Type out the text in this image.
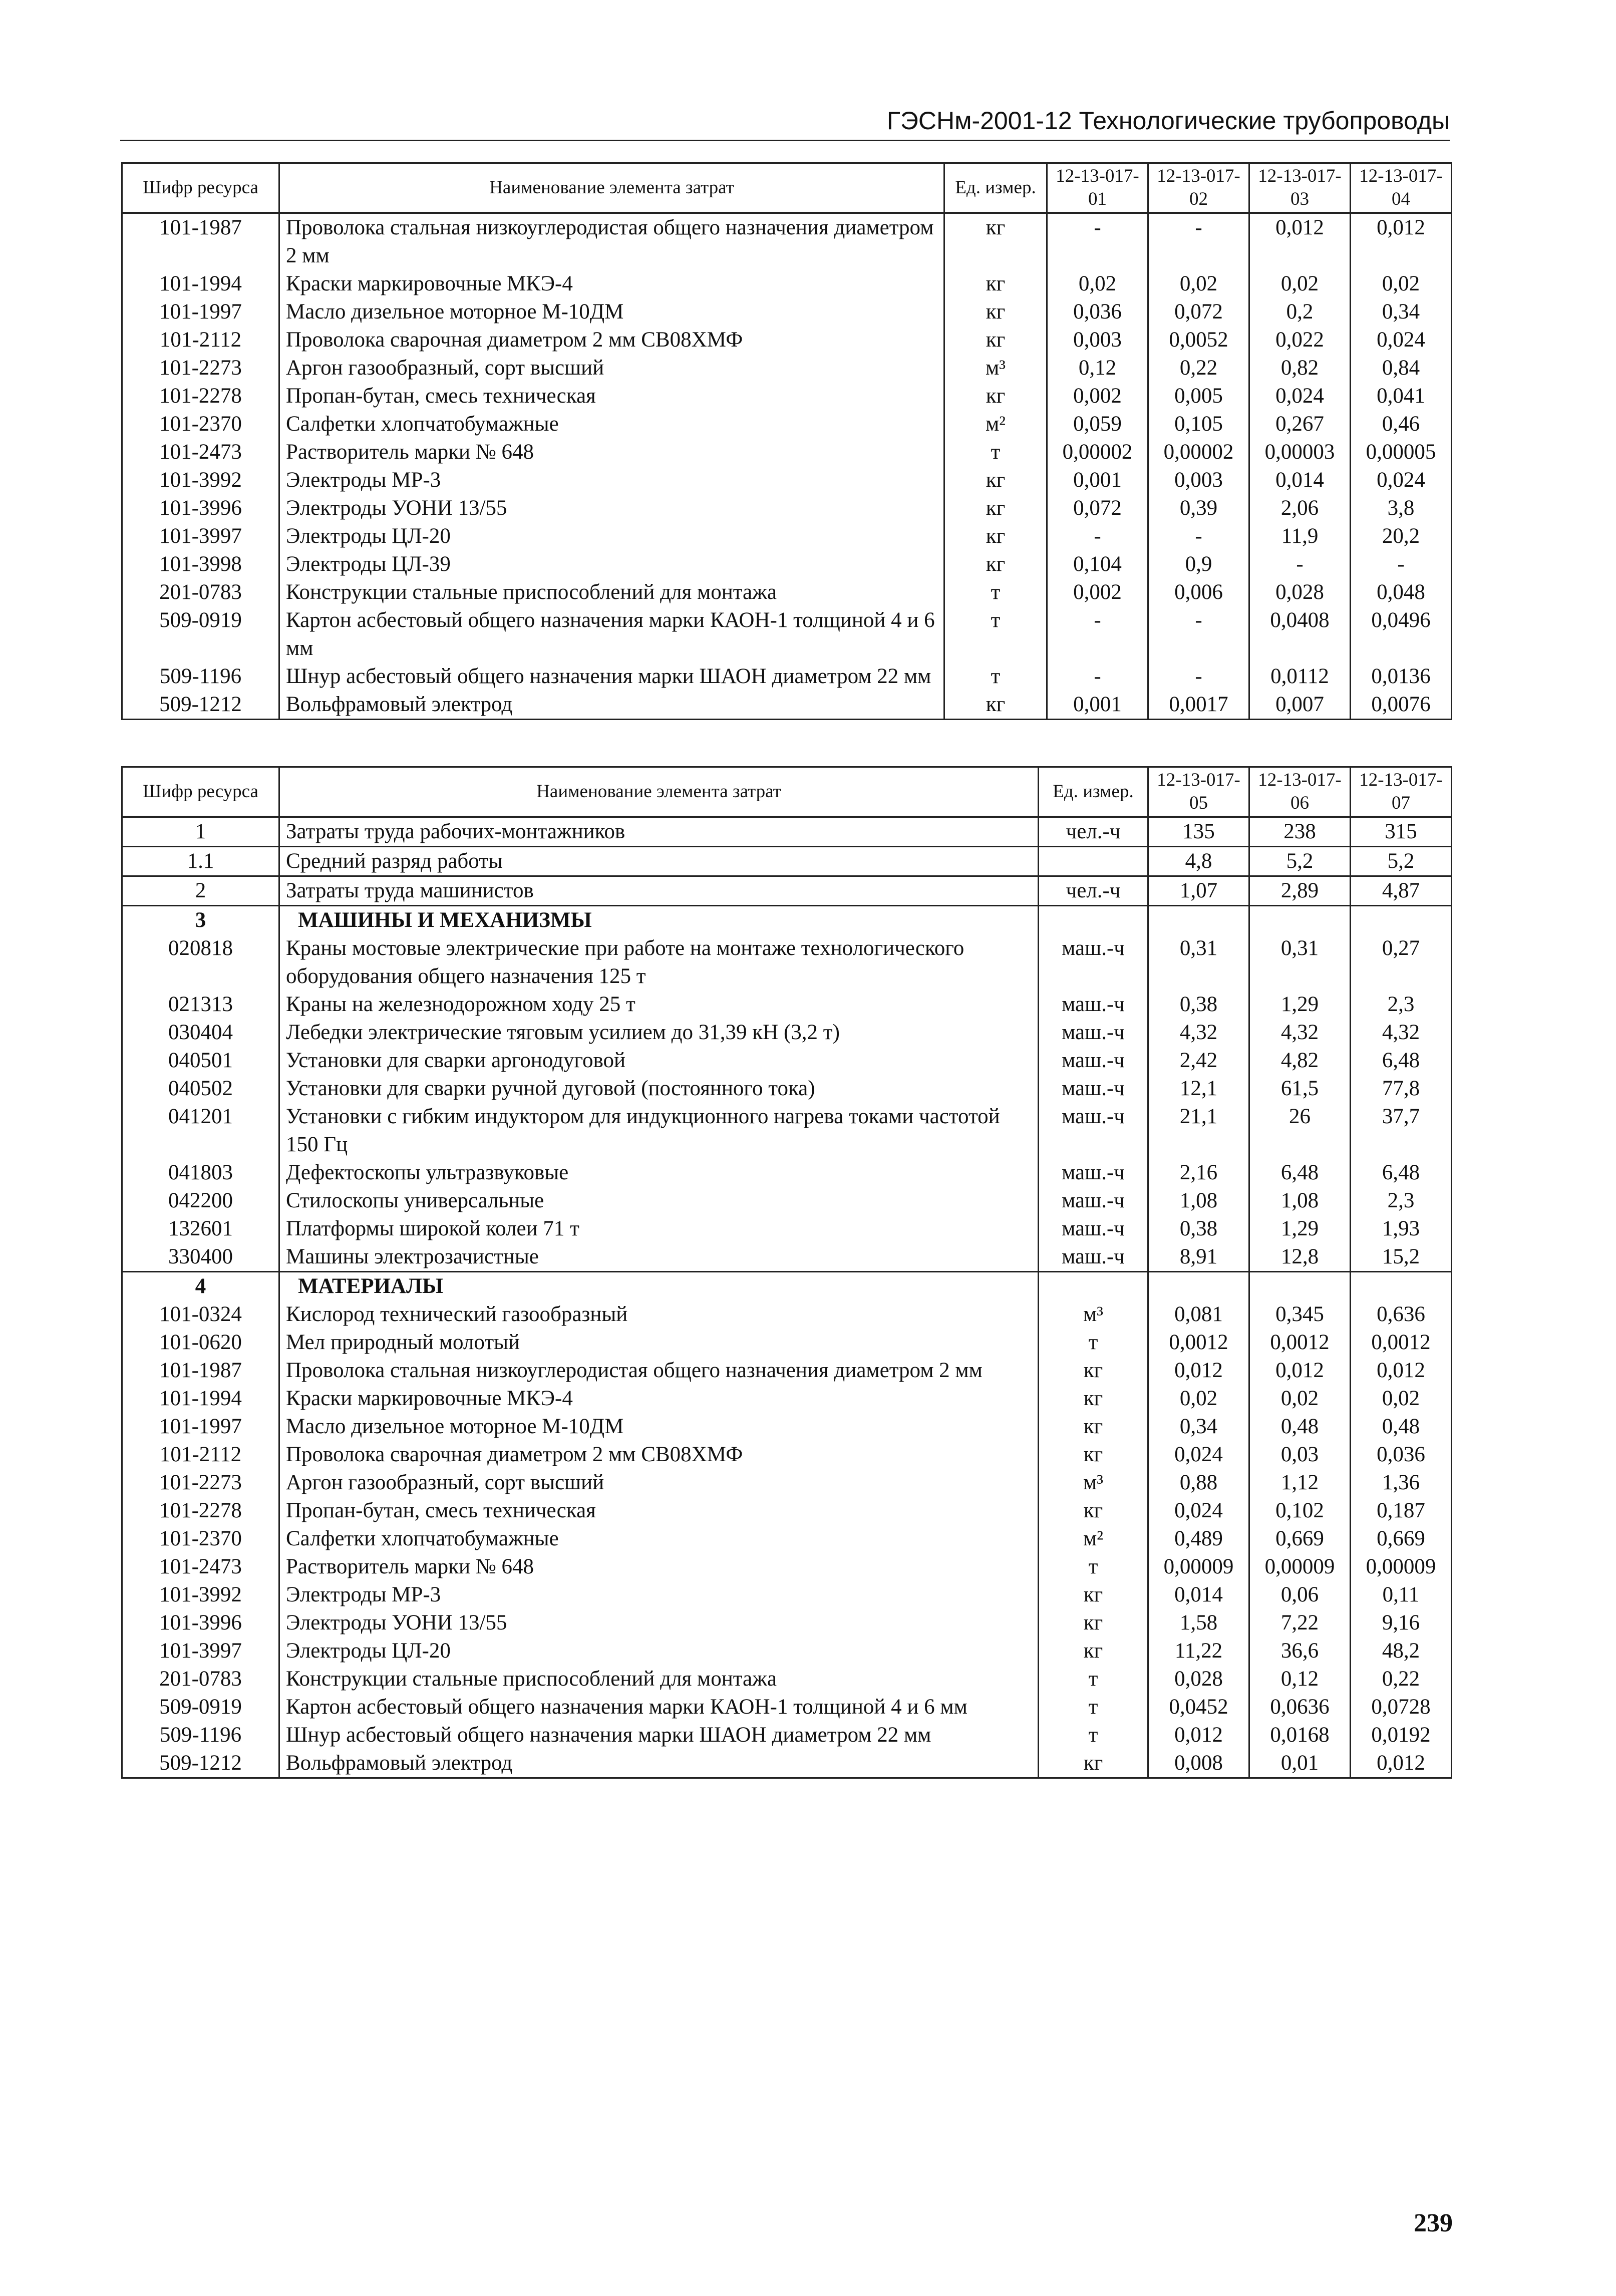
ГЭСНм-2001-12 Технологические трубопроводы
Шифр ресурса	Наименование элемента затрат	Ед. измер.	12-13-017-01	12-13-017-02	12-13-017-03	12-13-017-04
101-1987	Проволока стальная низкоуглеродистая общего назначения диаметром 2 мм	кг	-	-	0,012	0,012
101-1994	Краски маркировочные МКЭ-4	кг	0,02	0,02	0,02	0,02
101-1997	Масло дизельное моторное М-10ДМ	кг	0,036	0,072	0,2	0,34
101-2112	Проволока сварочная диаметром 2 мм СВ08ХМФ	кг	0,003	0,0052	0,022	0,024
101-2273	Аргон газообразный, сорт высший	м³	0,12	0,22	0,82	0,84
101-2278	Пропан-бутан, смесь техническая	кг	0,002	0,005	0,024	0,041
101-2370	Салфетки хлопчатобумажные	м²	0,059	0,105	0,267	0,46
101-2473	Растворитель марки № 648	т	0,00002	0,00002	0,00003	0,00005
101-3992	Электроды МР-3	кг	0,001	0,003	0,014	0,024
101-3996	Электроды УОНИ 13/55	кг	0,072	0,39	2,06	3,8
101-3997	Электроды ЦЛ-20	кг	-	-	11,9	20,2
101-3998	Электроды ЦЛ-39	кг	0,104	0,9	-	-
201-0783	Конструкции стальные приспособлений для монтажа	т	0,002	0,006	0,028	0,048
509-0919	Картон асбестовый общего назначения марки КАОН-1 толщиной 4 и 6 мм	т	-	-	0,0408	0,0496
509-1196	Шнур асбестовый общего назначения марки ШАОН диаметром 22 мм	т	-	-	0,0112	0,0136
509-1212	Вольфрамовый электрод	кг	0,001	0,0017	0,007	0,0076
Шифр ресурса	Наименование элемента затрат	Ед. измер.	12-13-017-05	12-13-017-06	12-13-017-07
1	Затраты труда рабочих-монтажников	чел.-ч	135	238	315
1.1	Средний разряд работы		4,8	5,2	5,2
2	Затраты труда машинистов	чел.-ч	1,07	2,89	4,87
3	МАШИНЫ И МЕХАНИЗМЫ				
020818	Краны мостовые электрические при работе на монтаже технологического оборудования общего назначения 125 т	маш.-ч	0,31	0,31	0,27
021313	Краны на железнодорожном ходу 25 т	маш.-ч	0,38	1,29	2,3
030404	Лебедки электрические тяговым усилием до 31,39 кН (3,2 т)	маш.-ч	4,32	4,32	4,32
040501	Установки для сварки аргонодуговой	маш.-ч	2,42	4,82	6,48
040502	Установки для сварки ручной дуговой (постоянного тока)	маш.-ч	12,1	61,5	77,8
041201	Установки с гибким индуктором для индукционного нагрева токами частотой 150 Гц	маш.-ч	21,1	26	37,7
041803	Дефектоскопы ультразвуковые	маш.-ч	2,16	6,48	6,48
042200	Стилоскопы универсальные	маш.-ч	1,08	1,08	2,3
132601	Платформы широкой колеи 71 т	маш.-ч	0,38	1,29	1,93
330400	Машины электрозачистные	маш.-ч	8,91	12,8	15,2
4	МАТЕРИАЛЫ				
101-0324	Кислород технический газообразный	м³	0,081	0,345	0,636
101-0620	Мел природный молотый	т	0,0012	0,0012	0,0012
101-1987	Проволока стальная низкоуглеродистая общего назначения диаметром 2 мм	кг	0,012	0,012	0,012
101-1994	Краски маркировочные МКЭ-4	кг	0,02	0,02	0,02
101-1997	Масло дизельное моторное М-10ДМ	кг	0,34	0,48	0,48
101-2112	Проволока сварочная диаметром 2 мм СВ08ХМФ	кг	0,024	0,03	0,036
101-2273	Аргон газообразный, сорт высший	м³	0,88	1,12	1,36
101-2278	Пропан-бутан, смесь техническая	кг	0,024	0,102	0,187
101-2370	Салфетки хлопчатобумажные	м²	0,489	0,669	0,669
101-2473	Растворитель марки № 648	т	0,00009	0,00009	0,00009
101-3992	Электроды МР-3	кг	0,014	0,06	0,11
101-3996	Электроды УОНИ 13/55	кг	1,58	7,22	9,16
101-3997	Электроды ЦЛ-20	кг	11,22	36,6	48,2
201-0783	Конструкции стальные приспособлений для монтажа	т	0,028	0,12	0,22
509-0919	Картон асбестовый общего назначения марки КАОН-1 толщиной 4 и 6 мм	т	0,0452	0,0636	0,0728
509-1196	Шнур асбестовый общего назначения марки ШАОН диаметром 22 мм	т	0,012	0,0168	0,0192
509-1212	Вольфрамовый электрод	кг	0,008	0,01	0,012
239
